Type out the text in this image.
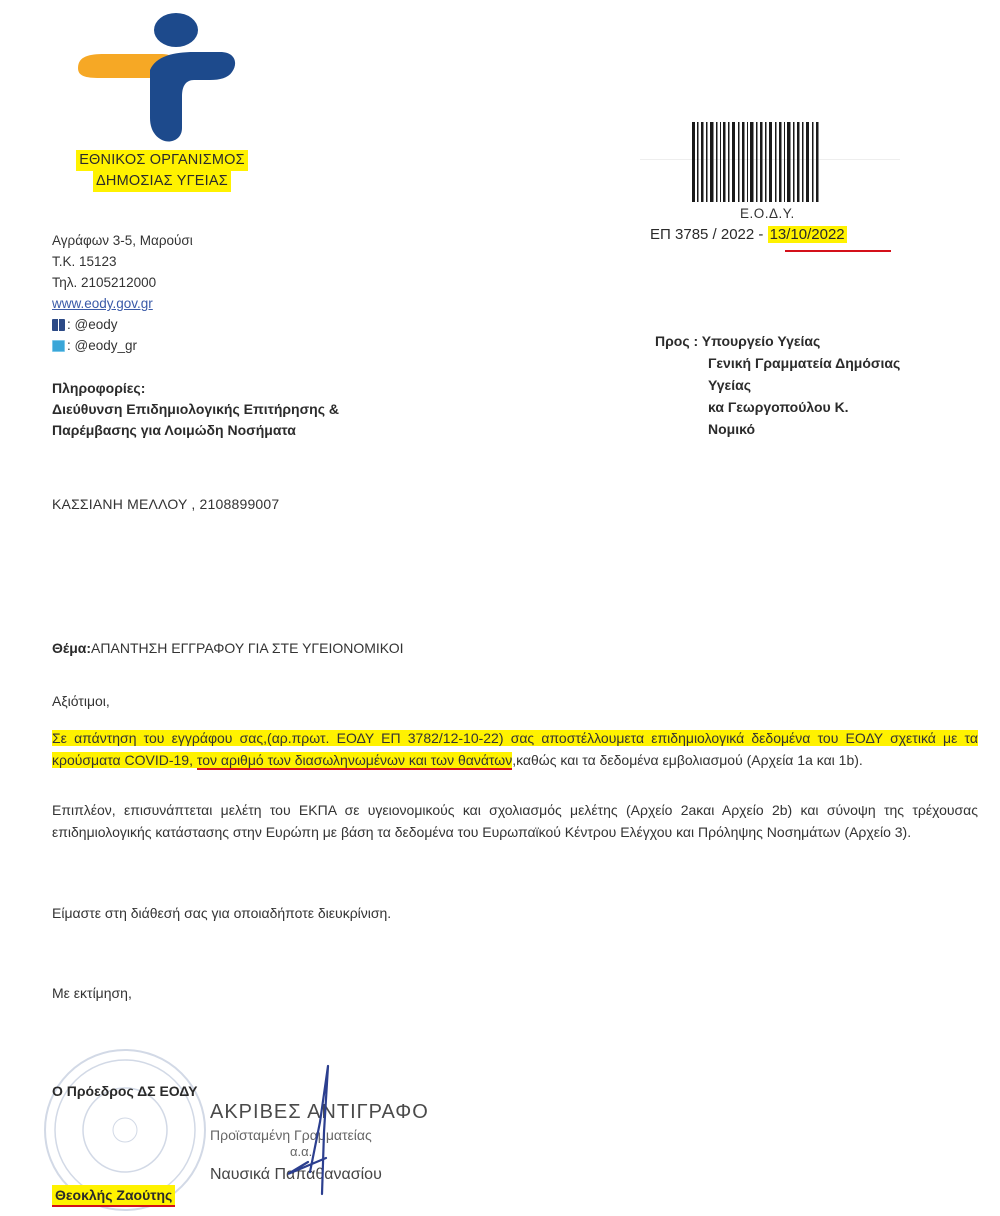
ΕΘΝΙΚΟΣ ΟΡΓΑΝΙΣΜΟΣ
ΔΗΜΟΣΙΑΣ ΥΓΕΙΑΣ
Αγράφων 3-5, Μαρούσι
Τ.Κ. 15123
Τηλ. 2105212000
www.eody.gov.gr
: @eody
: @eody_gr
Πληροφορίες:
Διεύθυνση Επιδημιολογικής Επιτήρησης &
Παρέμβασης για Λοιμώδη Νοσήματα
ΚΑΣΣΙΑΝΗ ΜΕΛΛΟΥ , 2108899007
Ε.Ο.Δ.Υ.
ΕΠ 3785 / 2022 - 13/10/2022
Προς : Υπουργείο Υγείας
Γενική Γραμματεία Δημόσιας
Υγείας
κα Γεωργοπούλου Κ.
Νομικό
Θέμα:ΑΠΑΝΤΗΣΗ ΕΓΓΡΑΦΟΥ ΓΙΑ ΣΤΕ ΥΓΕΙΟΝΟΜΙΚΟΙ
Αξιότιμοι,
Σε απάντηση του εγγράφου σας,(αρ.πρωτ. ΕΟΔΥ ΕΠ 3782/12-10-22) σας αποστέλλουμετα επιδημιολογικά δεδομένα του ΕΟΔΥ σχετικά με τα κρούσματα COVID-19, τον αριθμό των διασωληνωμένων και των θανάτων,καθώς και τα δεδομένα εμβολιασμού (Αρχεία 1a και 1b).
Επιπλέον, επισυνάπτεται μελέτη του ΕΚΠΑ σε υγειονομικούς και σχολιασμός μελέτης (Αρχείο 2aκαι Αρχείο 2b) και σύνοψη της τρέχουσας επιδημιολογικής κατάστασης στην Ευρώπη με βάση τα δεδομένα του Ευρωπαϊκού Κέντρου Ελέγχου και Πρόληψης Νοσημάτων (Αρχείο 3).
Είμαστε στη διάθεσή σας για οποιαδήποτε διευκρίνιση.
Με εκτίμηση,
Ο Πρόεδρος ΔΣ ΕΟΔΥ
ΑΚΡΙΒΕΣ ΑΝΤΙΓΡΑΦΟ
Προϊσταμένη Γραμματείας
α.α.
Ναυσικά Παπαθανασίου
Θεοκλής Ζαούτης
